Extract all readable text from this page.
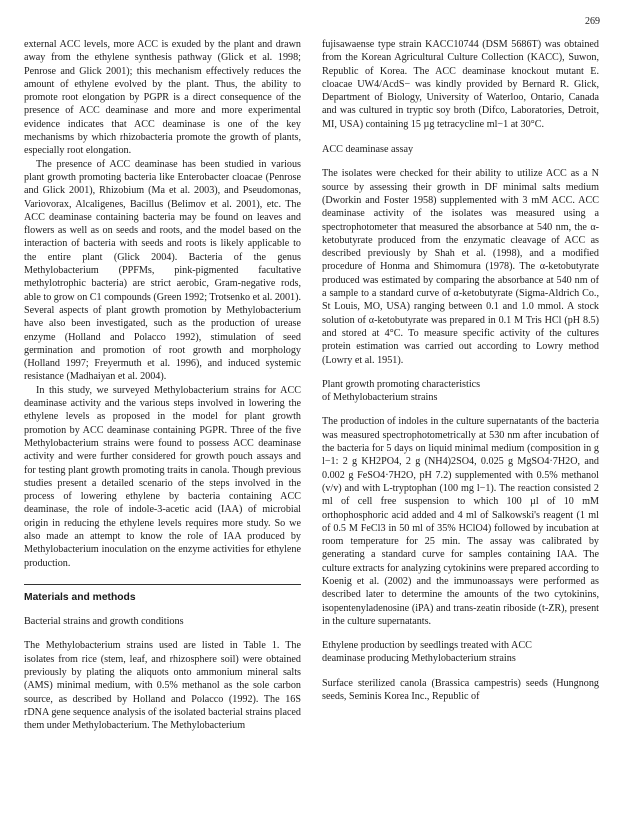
269

external ACC levels, more ACC is exuded by the plant and drawn away from the ethylene synthesis pathway (Glick et al. 1998; Penrose and Glick 2001); this mechanism effectively reduces the amount of ethylene evolved by the plant. Thus, the ability to promote root elongation by PGPR is a direct consequence of the presence of ACC deaminase and more and more experimental evidence indicates that ACC deaminase is one of the key mechanisms by which rhizobacteria promote the growth of plants, especially root elongation.

The presence of ACC deaminase has been studied in various plant growth promoting bacteria like Enterobacter cloacae (Penrose and Glick 2001), Rhizobium (Ma et al. 2003), and Pseudomonas, Variovorax, Alcaligenes, Bacillus (Belimov et al. 2001), etc. The ACC deaminase containing bacteria may be found on leaves and flowers as well as on seeds and roots, and the model based on the interaction of bacteria with seeds and roots is likely applicable to the entire plant (Glick 2004). Bacteria of the genus Methylobacterium (PPFMs, pink-pigmented facultative methylotrophic bacteria) are strict aerobic, Gram-negative rods, able to grow on C1 compounds (Green 1992; Trotsenko et al. 2001). Several aspects of plant growth promotion by Methylobacterium have also been investigated, such as the production of urease enzyme (Holland and Polacco 1992), stimulation of seed germination and promotion of root growth and morphology (Holland 1997; Freyermuth et al. 1996), and induced systemic resistance (Madhaiyan et al. 2004).

In this study, we surveyed Methylobacterium strains for ACC deaminase activity and the various steps involved in lowering the ethylene levels as proposed in the model for plant growth promotion by ACC deaminase containing PGPR. Three of the five Methylobacterium strains were found to possess ACC deaminase activity and were further considered for growth pouch assays and for testing plant growth promoting traits in canola. Though previous studies present a detailed scenario of the steps involved in the process of lowering ethylene by bacteria containing ACC deaminase, the role of indole-3-acetic acid (IAA) of microbial origin in reducing the ethylene levels requires more study. So we also made an attempt to know the role of IAA produced by Methylobacterium inoculation on the enzyme activities for ethylene production.

Materials and methods
Bacterial strains and growth conditions

The Methylobacterium strains used are listed in Table 1. The isolates from rice (stem, leaf, and rhizosphere soil) were obtained previously by plating the aliquots onto ammonium mineral salts (AMS) minimal medium, with 0.5% methanol as the sole carbon source, as described by Holland and Polacco (1992). The 16S rDNA gene sequence analysis of the isolated bacterial strains placed them under Methylobacterium. The Methylobacterium

fujisawaense type strain KACC10744 (DSM 5686T) was obtained from the Korean Agricultural Culture Collection (KACC), Suwon, Republic of Korea. The ACC deaminase knockout mutant E. cloacae UW4/AcdS− was kindly provided by Bernard R. Glick, Department of Biology, University of Waterloo, Ontario, Canada and was cultured in tryptic soy broth (Difco, Laboratories, Detroit, MI, USA) containing 15 µg tetracycline ml−1 at 30°C.

ACC deaminase assay

The isolates were checked for their ability to utilize ACC as a N source by assessing their growth in DF minimal salts medium (Dworkin and Foster 1958) supplemented with 3 mM ACC. ACC deaminase activity of the isolates was measured using a spectrophotometer that measured the absorbance at 540 nm, the α-ketobutyrate produced from the enzymatic cleavage of ACC as described previously by Shah et al. (1998), and a modified procedure of Honma and Shimomura (1978). The α-ketobutyrate produced was estimated by comparing the absorbance at 540 nm of a sample to a standard curve of α-ketobutyrate (Sigma-Aldrich Co., St Louis, MO, USA) ranging between 0.1 and 1.0 mmol. A stock solution of α-ketobutyrate was prepared in 0.1 M Tris HCl (pH 8.5) and stored at 4°C. To measure specific activity of the cultures protein estimation was carried out according to Lowry method (Lowry et al. 1951).

Plant growth promoting characteristics
of Methylobacterium strains

The production of indoles in the culture supernatants of the bacteria was measured spectrophotometrically at 530 nm after incubation of the bacteria for 5 days on liquid minimal medium (composition in g l−1: 2 g KH2PO4, 2 g (NH4)2SO4, 0.025 g MgSO4·7H2O, and 0.002 g FeSO4·7H2O, pH 7.2) supplemented with 0.5% methanol (v/v) and with L-tryptophan (100 mg l−1). The reaction consisted 2 ml of cell free suspension to which 100 µl of 10 mM orthophosphoric acid added and 4 ml of Salkowski's reagent (1 ml of 0.5 M FeCl3 in 50 ml of 35% HClO4) followed by incubation at room temperature for 25 min. The assay was calibrated by generating a standard curve for samples containing IAA. The culture extracts for analyzing cytokinins were prepared according to Koenig et al. (2002) and the immunoassays were performed as described later to determine the amounts of the two cytokinins, isopentenyladenosine (iPA) and trans-zeatin riboside (t-ZR), present in the culture supernatants.

Ethylene production by seedlings treated with ACC
deaminase producing Methylobacterium strains

Surface sterilized canola (Brassica campestris) seeds (Hungnong seeds, Seminis Korea Inc., Republic of
